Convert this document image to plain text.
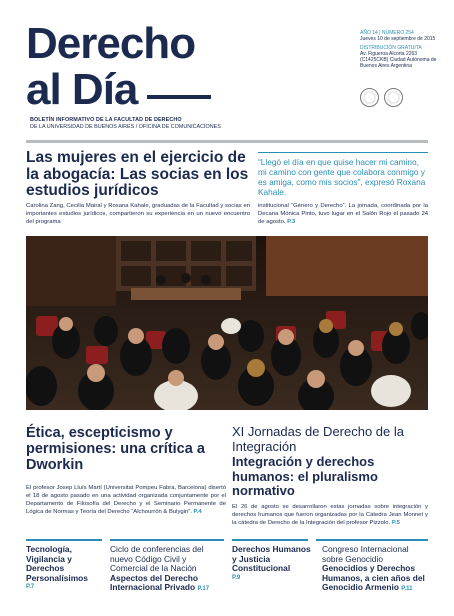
Derecho
al Día
BOLETÍN INFORMATIVO DE LA FACULTAD DE DERECHO
DE LA UNIVERSIDAD DE BUENOS AIRES / OFICINA DE COMUNICACIONES
AÑO 14 | NÚMERO 254
Jueves 10 de septiembre de 2015
DISTRIBUCIÓN GRATUITA
Av. Figueroa Alcorta 2263 (C1425CKB) Ciudad Autónoma de Buenos Aires Argentina
Las mujeres en el ejercicio de la abogacía: Las socias en los estudios jurídicos
Carolina Zang, Cecilia Mairal y Roxana Kahale, graduadas de la Facultad y socias en importantes estudios jurídicos, compartieron su experiencia en un nuevo encuentro del programa
“Llegó el día en que quise hacer mi camino, mi camino con gente que colabora conmigo y es amiga, como mis socios”, expresó Roxana Kahale.
institucional “Género y Derecho”. La jornada, coordinada por la Decana Mónica Pinto, tuvo lugar en el Salón Rojo el pasado 24 de agosto. P.3
Ética, escepticismo y permisiones: una crítica a Dworkin
El profesor Josep Lluís Martí (Universitat Pompeu Fabra, Barcelona) disertó el 18 de agosto pasado en una actividad organizada conjuntamente por el Departamento de Filosofía del Derecho y el Seminario Permanente de Lógica de Normas y Teoría del Derecho “Alchourrón & Bulygin”. P.4
XI Jornadas de Derecho de la Integración
Integración y derechos humanos: el pluralismo normativo
El 26 de agosto se desarrollaron estas jornadas sobre integración y derechos humanos que fueron organizadas por la Cátedra Jean Monnet y la cátedra de Derecho de la Integración del profesor Pizzolo. P.5
Tecnología, Vigilancia y Derechos Personalísimos
P.7
Ciclo de conferencias del nuevo Código Civil y Comercial de la Nación
Aspectos del Derecho Internacional Privado P.17
Derechos Humanos y Justicia Constitucional
P.9
Congreso Internacional sobre Genocidio
Genocidios y Derechos Humanos, a cien años del Genocidio Armenio P.11
